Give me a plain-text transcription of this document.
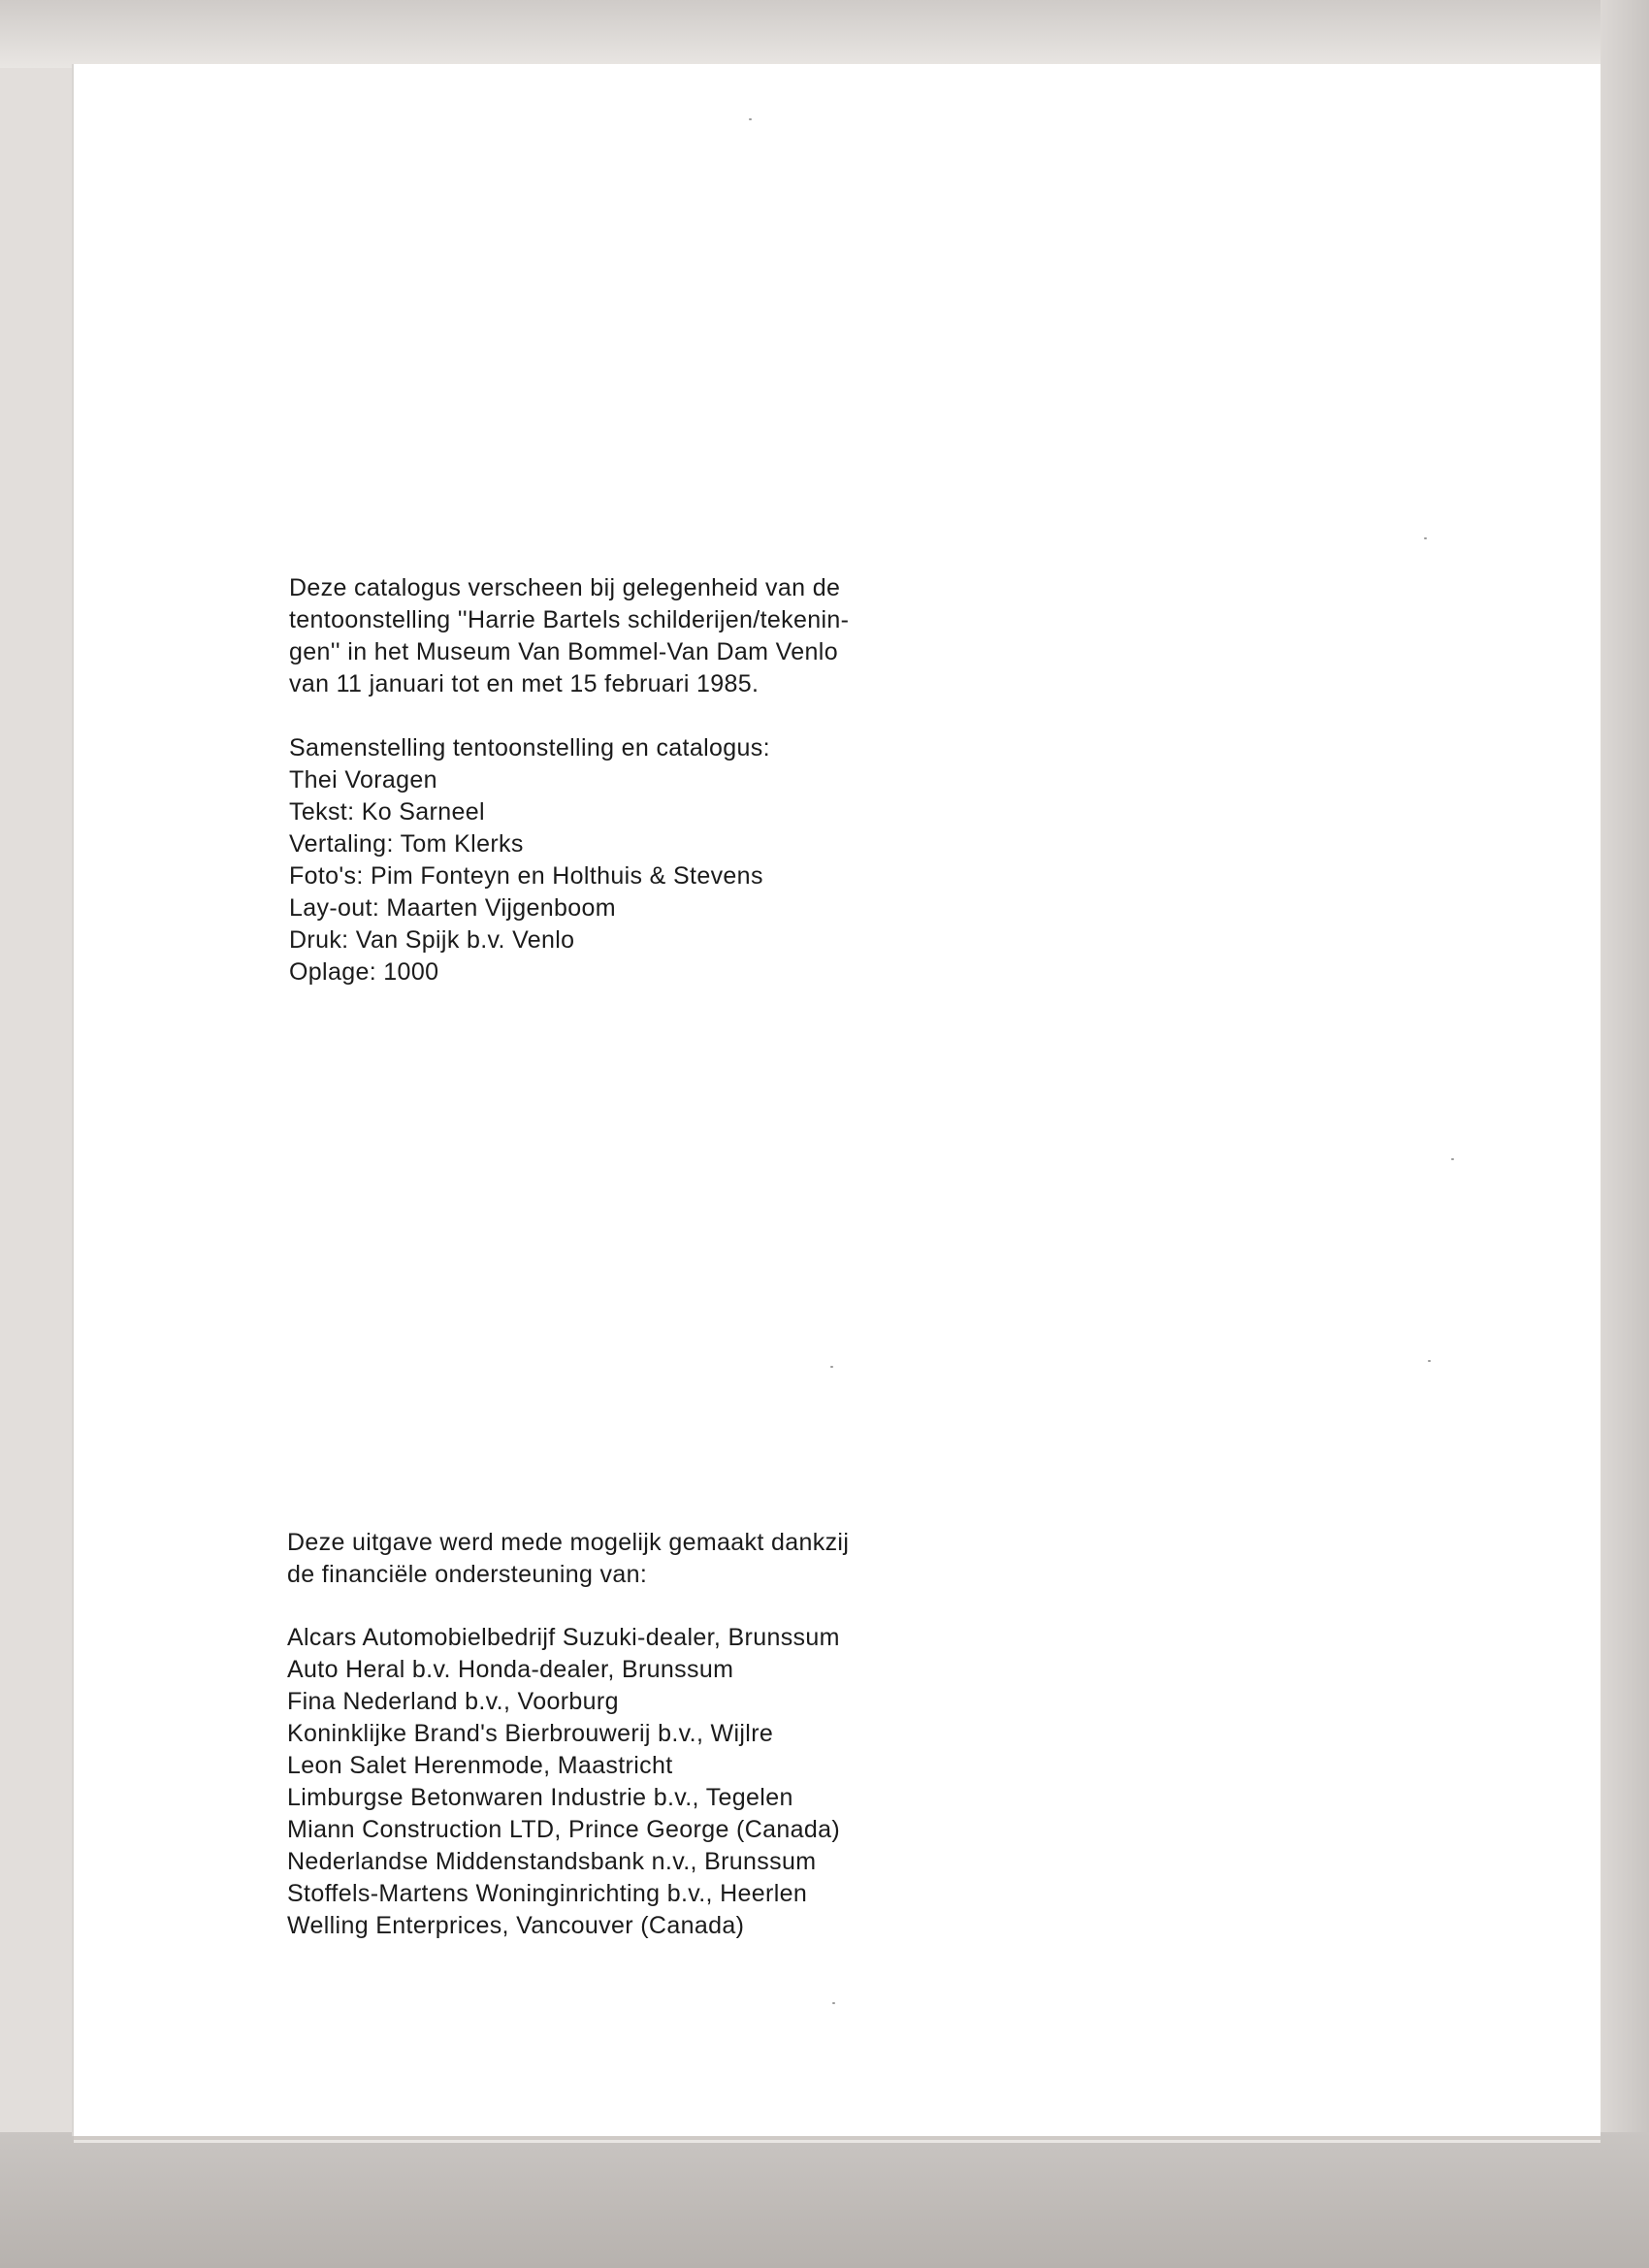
Deze catalogus verscheen bij gelegenheid van de
tentoonstelling ''Harrie Bartels schilderijen/tekenin-
gen'' in het Museum Van Bommel-Van Dam Venlo
van 11 januari tot en met 15 februari 1985.
Samenstelling tentoonstelling en catalogus:
Thei Voragen
Tekst: Ko Sarneel
Vertaling: Tom Klerks
Foto's: Pim Fonteyn en Holthuis & Stevens
Lay-out: Maarten Vijgenboom
Druk: Van Spijk b.v. Venlo
Oplage: 1000
Deze uitgave werd mede mogelijk gemaakt dankzij
de financiële ondersteuning van:
Alcars Automobielbedrijf Suzuki-dealer, Brunssum
Auto Heral b.v. Honda-dealer, Brunssum
Fina Nederland b.v., Voorburg
Koninklijke Brand's Bierbrouwerij b.v., Wijlre
Leon Salet Herenmode, Maastricht
Limburgse Betonwaren Industrie b.v., Tegelen
Miann Construction LTD, Prince George (Canada)
Nederlandse Middenstandsbank n.v., Brunssum
Stoffels-Martens Woninginrichting b.v., Heerlen
Welling Enterprices, Vancouver (Canada)
